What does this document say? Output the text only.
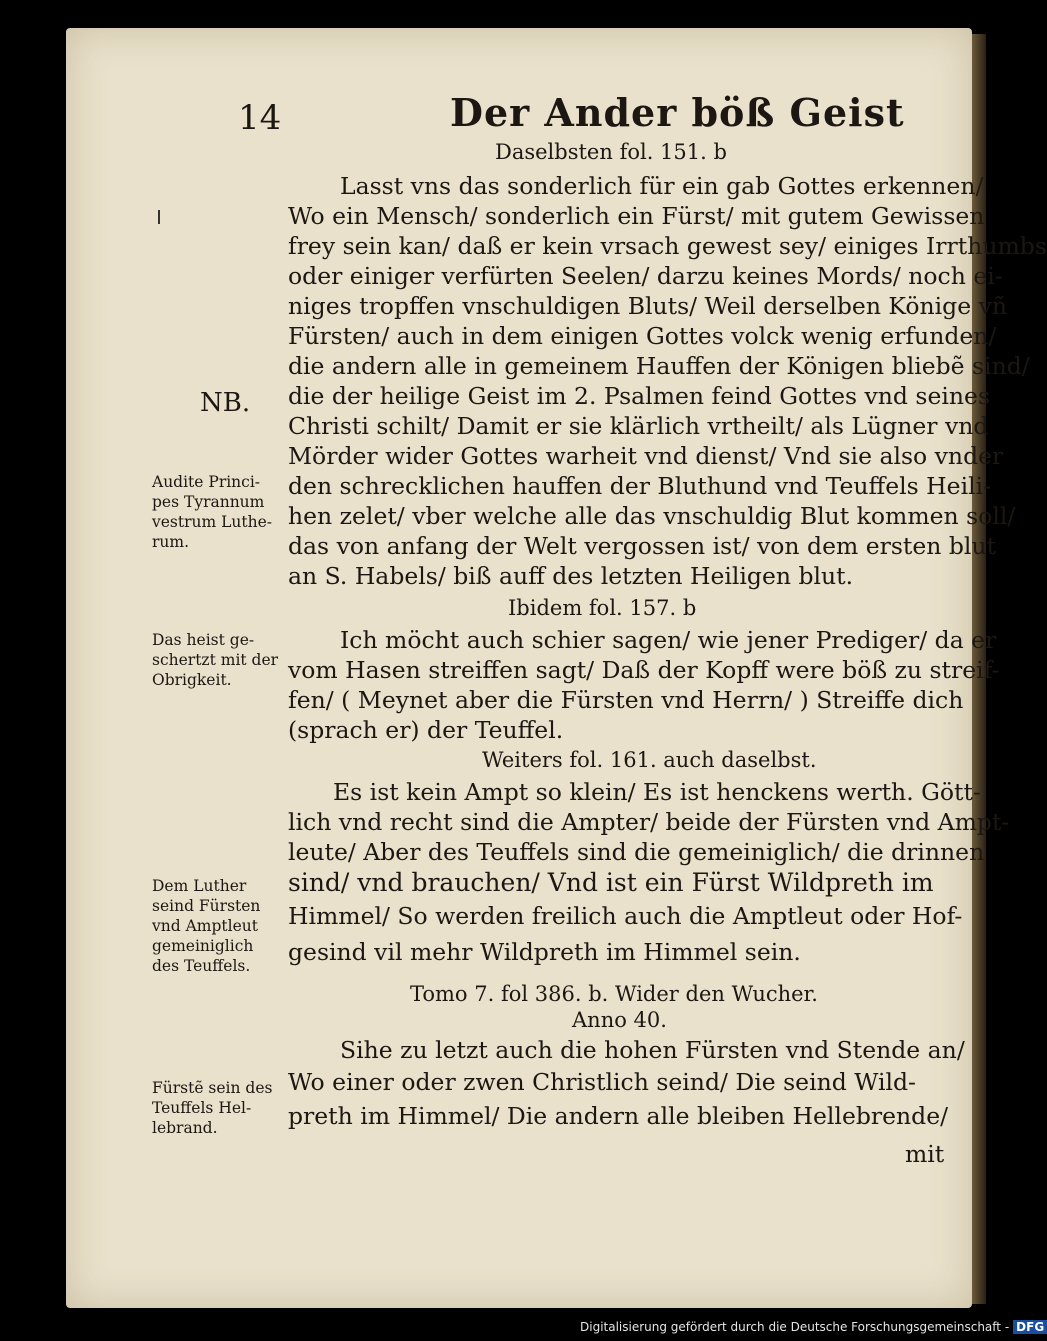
14	Der Ander böß Geist
Daselbsten fol. 151. b
Lasst vns das sonderlich für ein gab Gottes erkennen/
Wo ein Mensch/ sonderlich ein Fürst/ mit gutem Gewissen
frey sein kan/ daß er kein vrsach gewest sey/ einiges Irrthumbs
oder einiger verfürten Seelen/ darzu keines Mords/ noch ei-
niges tropffen vnschuldigen Bluts/ Weil derselben Könige vñ
Fürsten/ auch in dem einigen Gottes volck wenig erfunden/
die andern alle in gemeinem Hauffen der Königen bliebẽ sind/
die der heilige Geist im 2. Psalmen feind Gottes vnd seines
Christi schilt/ Damit er sie klärlich vrtheilt/ als Lügner vnd
Mörder wider Gottes warheit vnd dienst/ Vnd sie also vnder
den schrecklichen hauffen der Bluthund vnd Teuffels Heili-
hen zelet/ vber welche alle das vnschuldig Blut kommen soll/
das von anfang der Welt vergossen ist/ von dem ersten blut
an S. Habels/ biß auff des letzten Heiligen blut.
Ibidem fol. 157. b
Ich möcht auch schier sagen/ wie jener Prediger/ da er
vom Hasen streiffen sagt/ Daß der Kopff were böß zu streif-
fen/ ( Meynet aber die Fürsten vnd Herrn/ ) Streiffe dich
(sprach er) der Teuffel.
Weiters fol. 161. auch daselbst.
Es ist kein Ampt so klein/ Es ist henckens werth. Gött-
lich vnd recht sind die Ampter/ beide der Fürsten vnd Ampt-
leute/ Aber des Teuffels sind die gemeiniglich/ die drinnen
sind/ vnd brauchen/ Vnd ist ein Fürst Wildpreth im
Himmel/ So werden freilich auch die Amptleut oder Hof-
gesind vil mehr Wildpreth im Himmel sein.
Tomo 7. fol 386. b. Wider den Wucher.
Anno 40.
Sihe zu letzt auch die hohen Fürsten vnd Stende an/
Wo einer oder zwen Christlich seind/ Die seind Wild-
preth im Himmel/ Die andern alle bleiben Hellebrende/
mit
NB.
Audite Princi- pes Tyrannum vestrum Luthe- rum.
Das heist ge- schertzt mit der Obrigkeit.
Dem Luther seind Fürsten vnd Amptleut gemeiniglich des Teuffels.
Fürstẽ sein des Teuffels Hel- lebrand.
Digitalisierung gefördert durch die Deutsche Forschungsgemeinschaft - DFG
